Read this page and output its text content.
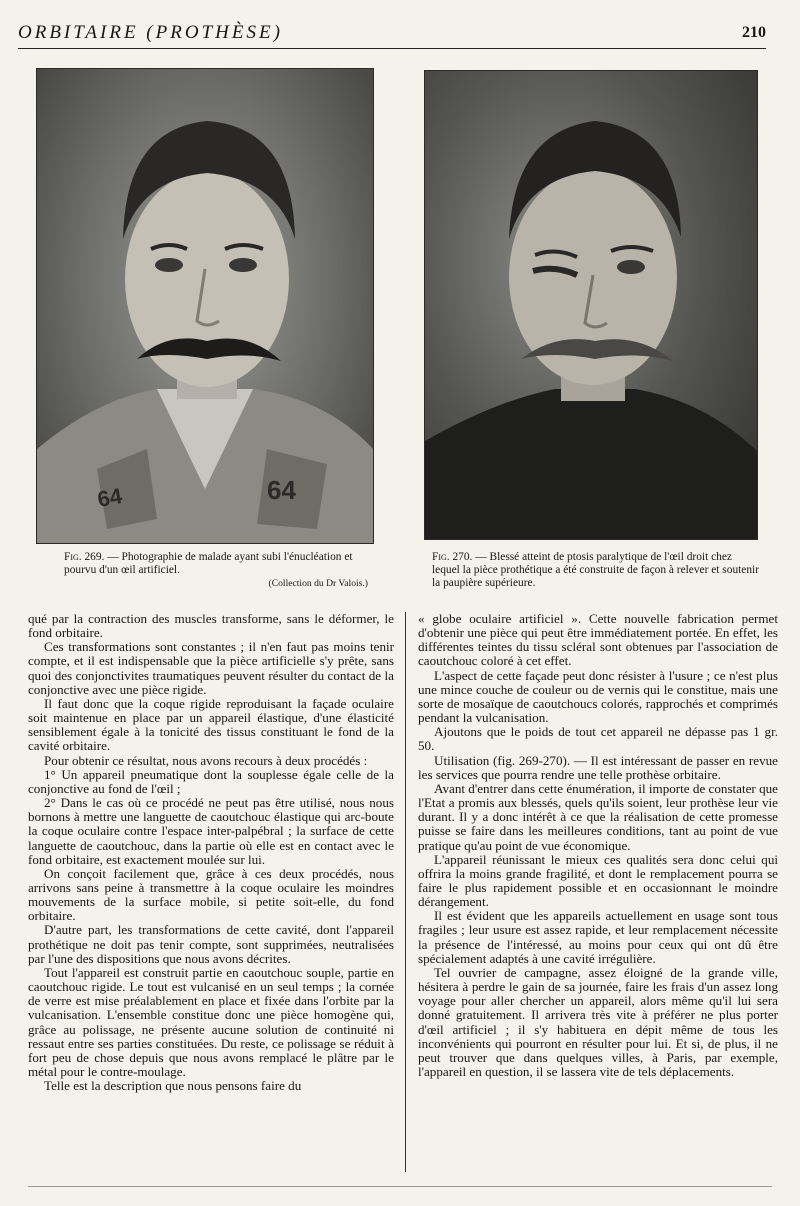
ORBITAIRE (PROTHÈSE)	210
64
64
Fig. 269. — Photographie de malade ayant subi l'énucléation et pourvu d'un œil artificiel.
(Collection du Dr Valois.)
Fig. 270. — Blessé atteint de ptosis paralytique de l'œil droit chez lequel la pièce prothétique a été construite de façon à relever et soutenir la paupière supérieure.

qué par la contraction des muscles transforme, sans le déformer, le fond orbitaire.

Ces transformations sont constantes ; il n'en faut pas moins tenir compte, et il est indispensable que la pièce artificielle s'y prête, sans quoi des conjonctivites traumatiques peuvent résulter du contact de la conjonctive avec une pièce rigide.

Il faut donc que la coque rigide reproduisant la façade oculaire soit maintenue en place par un appareil élastique, d'une élasticité sensiblement égale à la tonicité des tissus constituant le fond de la cavité orbitaire.

Pour obtenir ce résultat, nous avons recours à deux procédés :

1° Un appareil pneumatique dont la souplesse égale celle de la conjonctive au fond de l'œil ;

2° Dans le cas où ce procédé ne peut pas être utilisé, nous nous bornons à mettre une languette de caoutchouc élastique qui arc-boute la coque oculaire contre l'espace inter-palpébral ; la surface de cette languette de caoutchouc, dans la partie où elle est en contact avec le fond orbitaire, est exactement moulée sur lui.

On conçoit facilement que, grâce à ces deux procédés, nous arrivons sans peine à transmettre à la coque oculaire les moindres mouvements de la surface mobile, si petite soit-elle, du fond orbitaire.

D'autre part, les transformations de cette cavité, dont l'appareil prothétique ne doit pas tenir compte, sont supprimées, neutralisées par l'une des dispositions que nous avons décrites.

Tout l'appareil est construit partie en caoutchouc souple, partie en caoutchouc rigide. Le tout est vulcanisé en un seul temps ; la cornée de verre est mise préalablement en place et fixée dans l'orbite par la vulcanisation. L'ensemble constitue donc une pièce homogène qui, grâce au polissage, ne présente aucune solution de continuité ni ressaut entre ses parties constituées. Du reste, ce polissage se réduit à fort peu de chose depuis que nous avons remplacé le plâtre par le métal pour le contre-moulage.

Telle est la description que nous pensons faire du

« globe oculaire artificiel ». Cette nouvelle fabrication permet d'obtenir une pièce qui peut être immédiatement portée. En effet, les différentes teintes du tissu scléral sont obtenues par l'association de caoutchouc coloré à cet effet.

L'aspect de cette façade peut donc résister à l'usure ; ce n'est plus une mince couche de couleur ou de vernis qui le constitue, mais une sorte de mosaïque de caoutchoucs colorés, rapprochés et comprimés pendant la vulcanisation.

Ajoutons que le poids de tout cet appareil ne dépasse pas 1 gr. 50.

Utilisation (fig. 269-270). — Il est intéressant de passer en revue les services que pourra rendre une telle prothèse orbitaire.

Avant d'entrer dans cette énumération, il importe de constater que l'Etat a promis aux blessés, quels qu'ils soient, leur prothèse leur vie durant. Il y a donc intérêt à ce que la réalisation de cette promesse puisse se faire dans les meilleures conditions, tant au point de vue pratique qu'au point de vue économique.

L'appareil réunissant le mieux ces qualités sera donc celui qui offrira la moins grande fragilité, et dont le remplacement pourra se faire le plus rapidement possible et en occasionnant le moindre dérangement.

Il est évident que les appareils actuellement en usage sont tous fragiles ; leur usure est assez rapide, et leur remplacement nécessite la présence de l'intéressé, au moins pour ceux qui ont dû être spécialement adaptés à une cavité irrégulière.

Tel ouvrier de campagne, assez éloigné de la grande ville, hésitera à perdre le gain de sa journée, faire les frais d'un assez long voyage pour aller chercher un appareil, alors même qu'il lui sera donné gratuitement. Il arrivera très vite à préférer ne plus porter d'œil artificiel ; il s'y habituera en dépit même de tous les inconvénients qui pourront en résulter pour lui. Et si, de plus, il ne peut trouver que dans quelques villes, à Paris, par exemple, l'appareil en question, il se lassera vite de tels déplacements.
